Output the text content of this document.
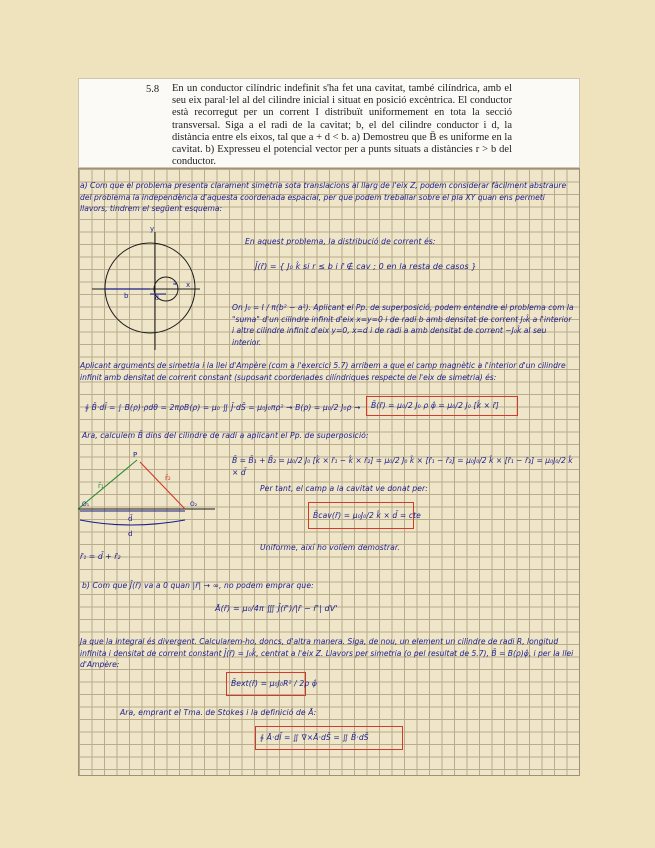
5.8 En un conductor cilíndric indefinit s'ha fet una cavitat, també cilíndrica, amb el seu eix paral·lel al del cilindre inicial i situat en posició excèntrica. El conductor està recorregut per un corrent I distribuït uniformement en tota la secció transversal. Siga a el radi de la cavitat; b, el del cilindre conductor i d, la distància entre els eixos, tal que a + d < b. a) Demostreu que B̄ es uniforme en la cavitat. b) Expresseu el potencial vector per a punts situats a distàncies r > b del conductor.
a) Com que el problema presenta clarament simetria sota translacions al llarg de l'eix Z, podem considerar fàcilment abstraure del problema la independència d'aquesta coordenada espacial, per que podem treballar sobre el pla XY quan ens permeti llavors, tindrem el següent esquema:
En aquest problema, la distribució de corrent és:
J̄(r̄) = { J₀ k̂ si r ≤ b i r̄ ∉ cav ; 0 en la resta de casos }
On J₀ = I / π(b² − a²). Aplicant el Pp. de superposició, podem entendre el problema com la "suma" d'un cilindre infinit d'eix x=y=0 i de radi b amb densitat de corrent J₀k̂ a l'interior i altre cilindre infinit d'eix y=0, x=d i de radi a amb densitat de corrent −J₀k̂ al seu interior.
Aplicant arguments de simetria i la llei d'Ampère (com a l'exercici 5.7) arribem a que el camp magnètic a l'interior d'un cilindre infinit amb densitat de corrent constant (suposant coordenades cilíndriques respecte de l'eix de simetria) és:
∮ B̄·dl̄ = ∫ B(ρ)·ρdθ = 2πρB(ρ) = μ₀ ∬ J̄·dS̄ = μ₀J₀πρ² → B(ρ) = μ₀/2 J₀ρ → B̄(r̄) = μ₀/2 J₀ ρ φ̂ = μ₀/2 J₀ [k̂ × r̄]
Ara, calculem B̄ dins del cilindre de radi a aplicant el Pp. de superposició:
B̄ = B̄₁ + B̄₂ = μ₀/2 J₀ [k̂ × r̄₁ − k̂ × r̄₂] = μ₀/2 J₀ k̂ × [r̄₁ − r̄₂] = μ₀J₀/2 k̂ × [r̄₁ − r̄₂] = μ₀J₀/2 k̂ × d̄
Per tant, el camp a la cavitat ve donat per:
B̄cav(r̄) = μ₀J₀/2 k̂ × d̄ = cte
Uniforme, així ho volíem demostrar.
r̄₁ = d̄ + r̄₂
b) Com que J̄(r̄) va a 0 quan |r̄| → ∞, no podem emprar que:
Ā(r̄) = μ₀/4π ∭ J̄(r̄')/|r̄ − r̄'| dV'
Ja que la integral és divergent. Calcularem-ho, doncs, d'altra manera. Siga, de nou, un element un cilindre de radi R, longitud infinita i densitat de corrent constant J̄(r̄) = J₀k̂, centrat a l'eix Z. Llavors per simetria (o pel resultat de 5.7), B̄ = B(ρ)φ̂, i per la llei d'Ampère:
B̄ext(r̄) = μ₀J₀R² / 2ρ φ̂
Ara, emprant el Tma. de Stokes i la definició de Ā:
∮ Ā·dl̄ = ∬ ∇×Ā·dS̄ = ∬ B̄·dS̄
y
x
b
a
d
P
r̄₁
r̄₂
O₁	O₂
d̄
d
